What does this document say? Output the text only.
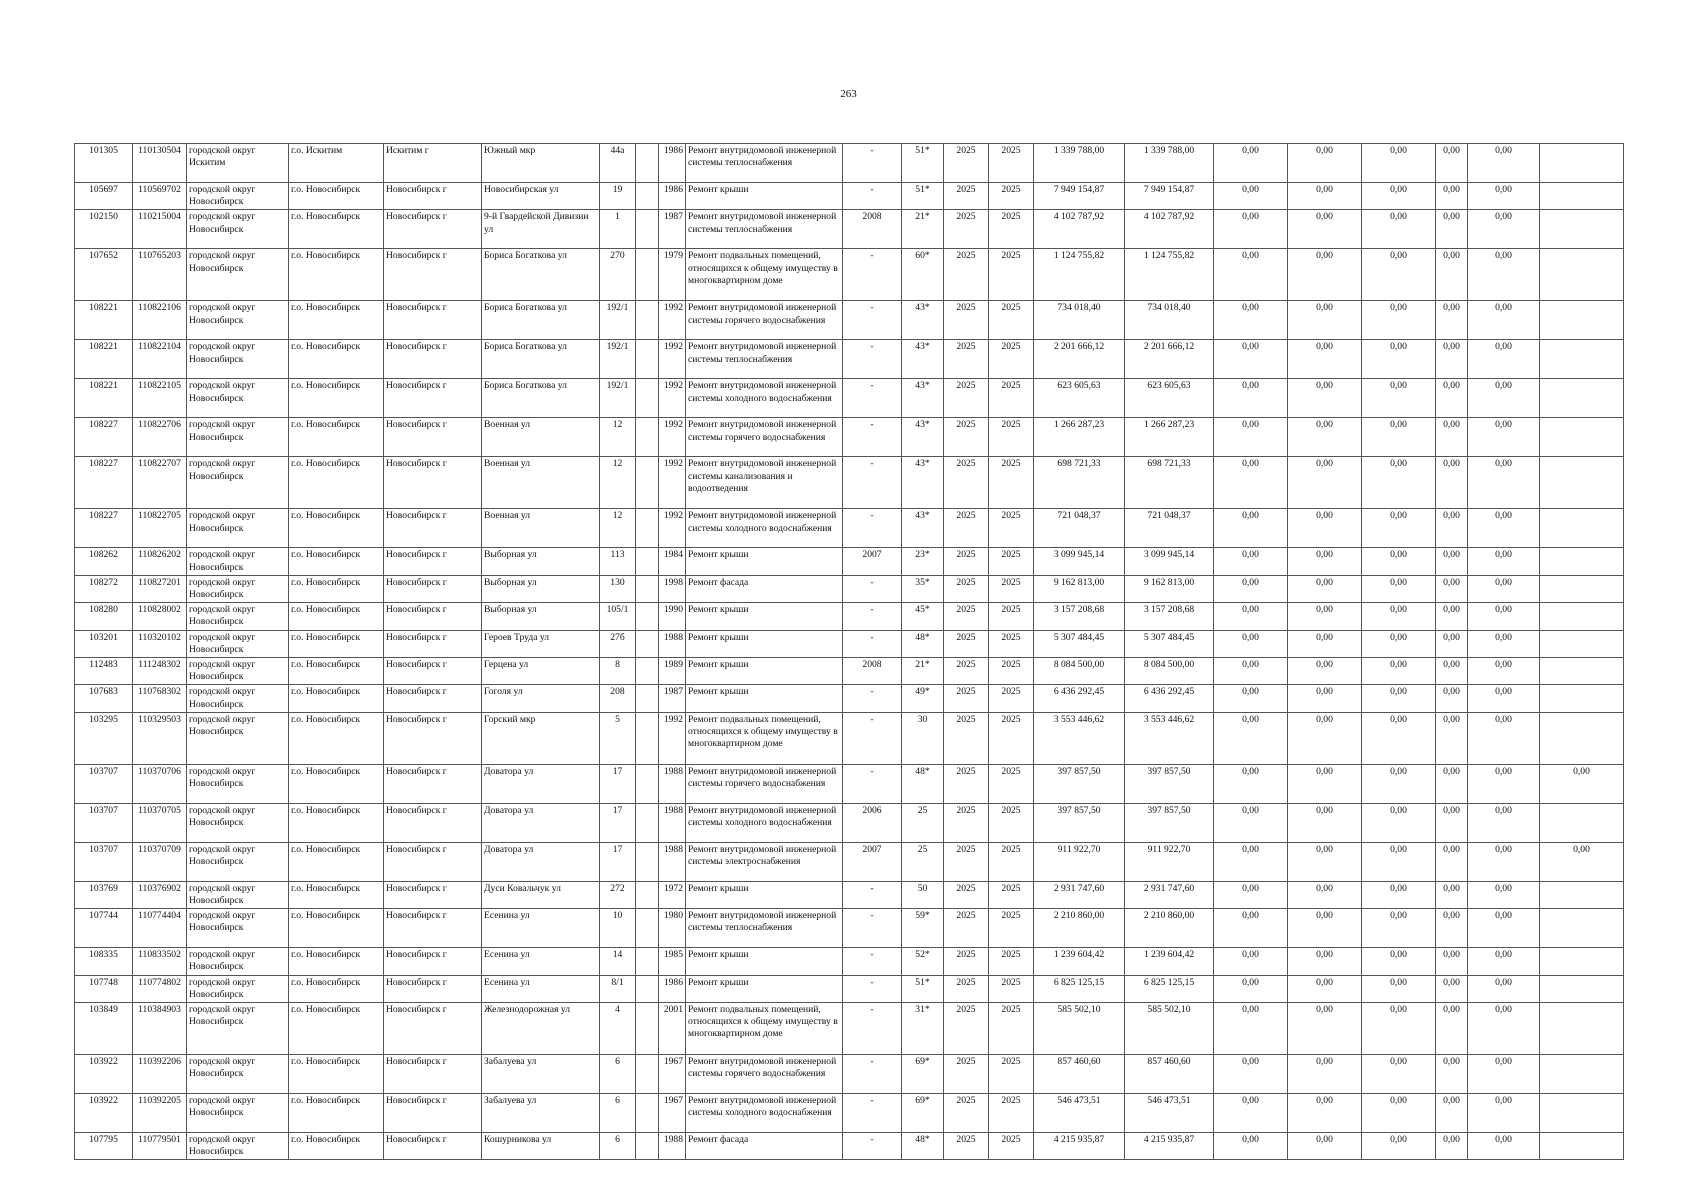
263
101305	110130504	городской округ Искитим	г.о. Искитим	Искитим г	Южный мкр	44а		1986	Ремонт внутридомовой инженерной системы теплоснабжения	-	51*	2025	2025	1 339 788,00	1 339 788,00	0,00	0,00	0,00	0,00	0,00	
105697	110569702	городской округ Новосибирск	г.о. Новосибирск	Новосибирск г	Новосибирская ул	19		1986	Ремонт крыши	-	51*	2025	2025	7 949 154,87	7 949 154,87	0,00	0,00	0,00	0,00	0,00	
102150	110215004	городской округ Новосибирск	г.о. Новосибирск	Новосибирск г	9-й Гвардейской Дивизии ул	1		1987	Ремонт внутридомовой инженерной системы теплоснабжения	2008	21*	2025	2025	4 102 787,92	4 102 787,92	0,00	0,00	0,00	0,00	0,00	
107652	110765203	городской округ Новосибирск	г.о. Новосибирск	Новосибирск г	Бориса Богаткова ул	270		1979	Ремонт подвальных помещений, относящихся к общему имуществу в многоквартирном доме	-	60*	2025	2025	1 124 755,82	1 124 755,82	0,00	0,00	0,00	0,00	0,00	
108221	110822106	городской округ Новосибирск	г.о. Новосибирск	Новосибирск г	Бориса Богаткова ул	192/1		1992	Ремонт внутридомовой инженерной системы горячего водоснабжения	-	43*	2025	2025	734 018,40	734 018,40	0,00	0,00	0,00	0,00	0,00	
108221	110822104	городской округ Новосибирск	г.о. Новосибирск	Новосибирск г	Бориса Богаткова ул	192/1		1992	Ремонт внутридомовой инженерной системы теплоснабжения	-	43*	2025	2025	2 201 666,12	2 201 666,12	0,00	0,00	0,00	0,00	0,00	
108221	110822105	городской округ Новосибирск	г.о. Новосибирск	Новосибирск г	Бориса Богаткова ул	192/1		1992	Ремонт внутридомовой инженерной системы холодного водоснабжения	-	43*	2025	2025	623 605,63	623 605,63	0,00	0,00	0,00	0,00	0,00	
108227	110822706	городской округ Новосибирск	г.о. Новосибирск	Новосибирск г	Военная ул	12		1992	Ремонт внутридомовой инженерной системы горячего водоснабжения	-	43*	2025	2025	1 266 287,23	1 266 287,23	0,00	0,00	0,00	0,00	0,00	
108227	110822707	городской округ Новосибирск	г.о. Новосибирск	Новосибирск г	Военная ул	12		1992	Ремонт внутридомовой инженерной системы канализования и водоотведения	-	43*	2025	2025	698 721,33	698 721,33	0,00	0,00	0,00	0,00	0,00	
108227	110822705	городской округ Новосибирск	г.о. Новосибирск	Новосибирск г	Военная ул	12		1992	Ремонт внутридомовой инженерной системы холодного водоснабжения	-	43*	2025	2025	721 048,37	721 048,37	0,00	0,00	0,00	0,00	0,00	
108262	110826202	городской округ Новосибирск	г.о. Новосибирск	Новосибирск г	Выборная ул	113		1984	Ремонт крыши	2007	23*	2025	2025	3 099 945,14	3 099 945,14	0,00	0,00	0,00	0,00	0,00	
108272	110827201	городской округ Новосибирск	г.о. Новосибирск	Новосибирск г	Выборная ул	130		1998	Ремонт фасада	-	35*	2025	2025	9 162 813,00	9 162 813,00	0,00	0,00	0,00	0,00	0,00	
108280	110828002	городской округ Новосибирск	г.о. Новосибирск	Новосибирск г	Выборная ул	105/1		1990	Ремонт крыши	-	45*	2025	2025	3 157 208,68	3 157 208,68	0,00	0,00	0,00	0,00	0,00	
103201	110320102	городской округ Новосибирск	г.о. Новосибирск	Новосибирск г	Героев Труда ул	27б		1988	Ремонт крыши	-	48*	2025	2025	5 307 484,45	5 307 484,45	0,00	0,00	0,00	0,00	0,00	
112483	111248302	городской округ Новосибирск	г.о. Новосибирск	Новосибирск г	Герцена ул	8		1989	Ремонт крыши	2008	21*	2025	2025	8 084 500,00	8 084 500,00	0,00	0,00	0,00	0,00	0,00	
107683	110768302	городской округ Новосибирск	г.о. Новосибирск	Новосибирск г	Гоголя ул	208		1987	Ремонт крыши	-	49*	2025	2025	6 436 292,45	6 436 292,45	0,00	0,00	0,00	0,00	0,00	
103295	110329503	городской округ Новосибирск	г.о. Новосибирск	Новосибирск г	Горский мкр	5		1992	Ремонт подвальных помещений, относящихся к общему имуществу в многоквартирном доме	-	30	2025	2025	3 553 446,62	3 553 446,62	0,00	0,00	0,00	0,00	0,00	
103707	110370706	городской округ Новосибирск	г.о. Новосибирск	Новосибирск г	Доватора ул	17		1988	Ремонт внутридомовой инженерной системы горячего водоснабжения	-	48*	2025	2025	397 857,50	397 857,50	0,00	0,00	0,00	0,00	0,00	0,00
103707	110370705	городской округ Новосибирск	г.о. Новосибирск	Новосибирск г	Доватора ул	17		1988	Ремонт внутридомовой инженерной системы холодного водоснабжения	2006	25	2025	2025	397 857,50	397 857,50	0,00	0,00	0,00	0,00	0,00	
103707	110370709	городской округ Новосибирск	г.о. Новосибирск	Новосибирск г	Доватора ул	17		1988	Ремонт внутридомовой инженерной системы электроснабжения	2007	25	2025	2025	911 922,70	911 922,70	0,00	0,00	0,00	0,00	0,00	0,00
103769	110376902	городской округ Новосибирск	г.о. Новосибирск	Новосибирск г	Дуси Ковальчук ул	272		1972	Ремонт крыши	-	50	2025	2025	2 931 747,60	2 931 747,60	0,00	0,00	0,00	0,00	0,00	
107744	110774404	городской округ Новосибирск	г.о. Новосибирск	Новосибирск г	Есенина ул	10		1980	Ремонт внутридомовой инженерной системы теплоснабжения	-	59*	2025	2025	2 210 860,00	2 210 860,00	0,00	0,00	0,00	0,00	0,00	
108335	110833502	городской округ Новосибирск	г.о. Новосибирск	Новосибирск г	Есенина ул	14		1985	Ремонт крыши	-	52*	2025	2025	1 239 604,42	1 239 604,42	0,00	0,00	0,00	0,00	0,00	
107748	110774802	городской округ Новосибирск	г.о. Новосибирск	Новосибирск г	Есенина ул	8/1		1986	Ремонт крыши	-	51*	2025	2025	6 825 125,15	6 825 125,15	0,00	0,00	0,00	0,00	0,00	
103849	110384903	городской округ Новосибирск	г.о. Новосибирск	Новосибирск г	Железнодорожная ул	4		2001	Ремонт подвальных помещений, относящихся к общему имуществу в многоквартирном доме	-	31*	2025	2025	585 502,10	585 502,10	0,00	0,00	0,00	0,00	0,00	
103922	110392206	городской округ Новосибирск	г.о. Новосибирск	Новосибирск г	Забалуева ул	6		1967	Ремонт внутридомовой инженерной системы горячего водоснабжения	-	69*	2025	2025	857 460,60	857 460,60	0,00	0,00	0,00	0,00	0,00	
103922	110392205	городской округ Новосибирск	г.о. Новосибирск	Новосибирск г	Забалуева ул	6		1967	Ремонт внутридомовой инженерной системы холодного водоснабжения	-	69*	2025	2025	546 473,51	546 473,51	0,00	0,00	0,00	0,00	0,00	
107795	110779501	городской округ Новосибирск	г.о. Новосибирск	Новосибирск г	Кошурникова ул	6		1988	Ремонт фасада	-	48*	2025	2025	4 215 935,87	4 215 935,87	0,00	0,00	0,00	0,00	0,00	
